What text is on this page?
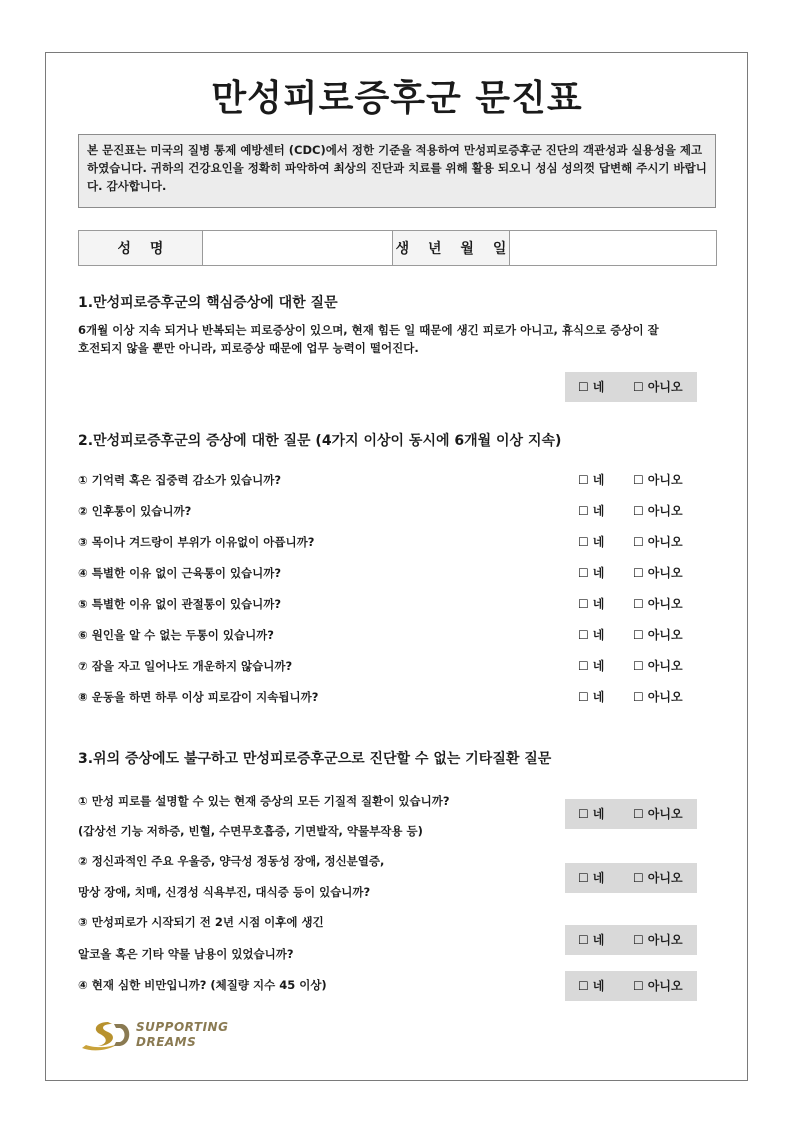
만성피로증후군 문진표

본 문진표는 미국의 질병 통제 예방센터 (CDC)에서 정한 기준을 적용하여 만성피로증후군 진단의 객관성과 실용성을 제고하였습니다. 귀하의 건강요인을 정확히 파악하여 최상의 진단과 치료를 위해 활용 되오니 성심 성의껏 답변해 주시기 바랍니다. 감사합니다.

성 명		생 년 월 일	

1.만성피로증후군의 핵심증상에 대한 질문

6개월 이상 지속 되거나 반복되는 피로증상이 있으며, 현재 힘든 일 때문에 생긴 피로가 아니고, 휴식으로 증상이 잘

호전되지 않을 뿐만 아니라, 피로증상 때문에 업무 능력이 떨어진다.

☐ 네 ☐ 아니오

2.만성피로증후군의 증상에 대한 질문 (4가지 이상이 동시에 6개월 이상 지속)

① 기억력 혹은 집중력 감소가 있습니까?	☐ 네 ☐ 아니오

② 인후통이 있습니까?	☐ 네 ☐ 아니오

③ 목이나 겨드랑이 부위가 이유없이 아픕니까?	☐ 네 ☐ 아니오

④ 특별한 이유 없이 근육통이 있습니까?	☐ 네 ☐ 아니오

⑤ 특별한 이유 없이 관절통이 있습니까?	☐ 네 ☐ 아니오

⑥ 원인을 알 수 없는 두통이 있습니까?	☐ 네 ☐ 아니오

⑦ 잠을 자고 일어나도 개운하지 않습니까?	☐ 네 ☐ 아니오

⑧ 운동을 하면 하루 이상 피로감이 지속됩니까?	☐ 네 ☐ 아니오

3.위의 증상에도 불구하고 만성피로증후군으로 진단할 수 없는 기타질환 질문

① 만성 피로를 설명할 수 있는 현재 증상의 모든 기질적 질환이 있습니까?

(갑상선 기능 저하증, 빈혈, 수면무호흡증, 기면발작, 약물부작용 등)

☐ 네 ☐ 아니오

② 정신과적인 주요 우울증, 양극성 정동성 장애, 정신분열증,

망상 장애, 치매, 신경성 식욕부진, 대식증 등이 있습니까?

☐ 네 ☐ 아니오

③ 만성피로가 시작되기 전 2년 시점 이후에 생긴

알코올 혹은 기타 약물 남용이 있었습니까?

☐ 네 ☐ 아니오

④ 현재 심한 비만입니까? (체질량 지수 45 이상)	☐ 네 ☐ 아니오
SUPPORTING
DREAMS
